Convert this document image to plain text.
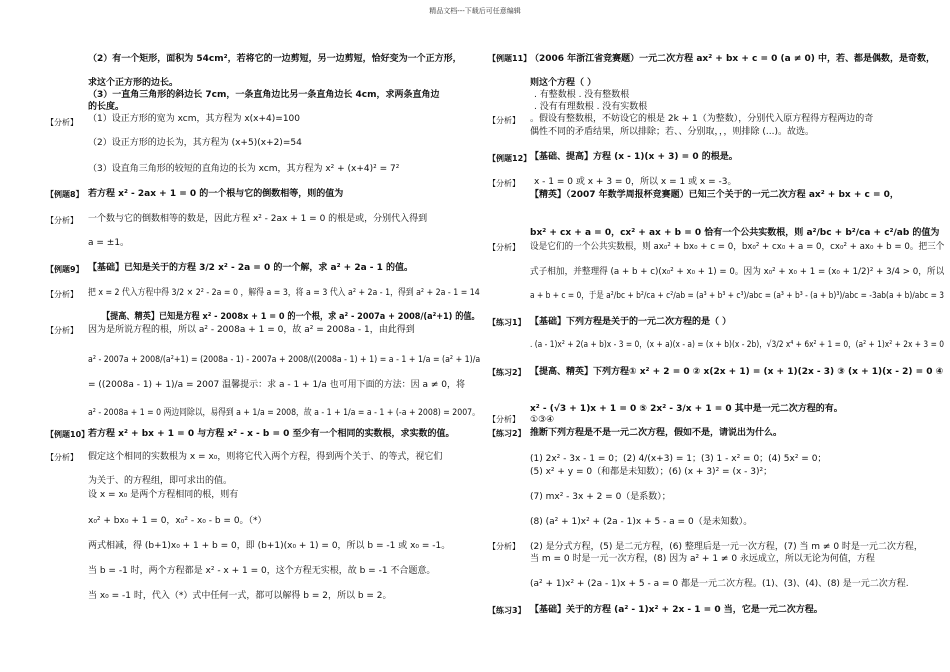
精品文档---下载后可任意编辑
（2）有一个矩形，面积为 54cm²，若将它的一边剪短，另一边剪短，恰好变为一个正方形，
求这个正方形的边长。
（3）一直角三角形的斜边长 7cm，一条直角边比另一条直角边长 4cm，求两条直角边
的长度。
（1）设正方形的宽为 xcm，其方程为 x(x+4)=100
（2）设正方形的边长为，其方程为 (x+5)(x+2)=54
（3）设直角三角形的较短的直角边的长为 xcm，其方程为 x² + (x+4)² = 7²
若方程 x² - 2ax + 1 = 0 的一个根与它的倒数相等，则的值为
一个数与它的倒数相等的数是，因此方程 x² - 2ax + 1 = 0 的根是或，分别代入得到
a = ±1。
【基础】已知是关于的方程 3/2 x² - 2a = 0 的一个解，求 a² + 2a - 1 的值。
把 x = 2 代入方程中得 3/2 × 2² - 2a = 0 ，解得 a = 3，将 a = 3 代入 a² + 2a - 1，得到 a² + 2a - 1 = 14
【提高、精英】已知是方程 x² - 2008x + 1 = 0 的一个根，求 a² - 2007a + 2008/(a²+1) 的值。
因为是所说方程的根，所以 a² - 2008a + 1 = 0，故 a² = 2008a - 1，由此得到
a² - 2007a + 2008/(a²+1) = (2008a - 1) - 2007a + 2008/((2008a - 1) + 1) = a - 1 + 1/a = (a² + 1)/a
= ((2008a - 1) + 1)/a = 2007 温馨提示：求 a - 1 + 1/a 也可用下面的方法：因 a ≠ 0，将
a² - 2008a + 1 = 0 两边同除以，易得到 a + 1/a = 2008，故 a - 1 + 1/a = a - 1 + (-a + 2008) = 2007。
若方程 x² + bx + 1 = 0 与方程 x² - x - b = 0 至少有一个相同的实数根，求实数的值。
假定这个相同的实数根为 x = x₀，则将它代入两个方程，得到两个关于、的等式，视它们
为关于、的方程组，即可求出的值。
设 x = x₀ 是两个方程相同的根，则有
x₀² + bx₀ + 1 = 0，x₀² - x₀ - b = 0。（*）
两式相减，得 (b+1)x₀ + 1 + b = 0，即 (b+1)(x₀ + 1) = 0，所以 b = -1 或 x₀ = -1。
当 b = -1 时，两个方程都是 x² - x + 1 = 0，这个方程无实根，故 b = -1 不合题意。
当 x₀ = -1 时，代入（*）式中任何一式，都可以解得 b = 2，所以 b = 2。
【分析】
【例题8】
【分析】
【例题9】
【分析】
【分析】
【例题10】
【分析】
（2006 年浙江省竞赛题）一元二次方程 ax² + bx + c = 0 (a ≠ 0) 中，若、都是偶数，是奇数，
则这个方程（ ）
. 有整数根 . 没有整数根
. 没有有理数根 . 没有实数根
。假设有整数根，不妨设它的根是 2k + 1（为整数），分别代入原方程得方程两边的奇
偶性不同的矛盾结果，所以排除；若、、分别取，，，则排除 (...)。故选。
【基础、提高】方程 (x - 1)(x + 3) = 0 的根是。
x - 1 = 0 或 x + 3 = 0，所以 x = 1 或 x = -3。
【精英】（2007 年数学周报杯竞赛题）已知三个关于的一元二次方程 ax² + bx + c = 0，
bx² + cx + a = 0，cx² + ax + b = 0 恰有一个公共实数根，则 a²/bc + b²/ca + c²/ab 的值为
设是它们的一个公共实数根，则 ax₀² + bx₀ + c = 0，bx₀² + cx₀ + a = 0，cx₀² + ax₀ + b = 0。把三个
式子相加，并整理得 (a + b + c)(x₀² + x₀ + 1) = 0。因为 x₀² + x₀ + 1 = (x₀ + 1/2)² + 3/4 > 0，所以
a + b + c = 0，于是 a²/bc + b²/ca + c²/ab = (a³ + b³ + c³)/abc = (a³ + b³ - (a + b)³)/abc = -3ab(a + b)/abc = 3
【基础】下列方程是关于的一元二次方程的是（ ）
. (a - 1)x² + 2(a + b)x - 3 = 0，(x + a)(x - a) = (x + b)(x - 2b)，√3/2 x⁴ + 6x² + 1 = 0，(a² + 1)x² + 2x + 3 = 0
【提高、精英】下列方程① x² + 2 = 0 ② x(2x + 1) = (x + 1)(2x - 3) ③ (x + 1)(x - 2) = 0 ④
x² - (√3 + 1)x + 1 = 0 ⑤ 2x² - 3/x + 1 = 0 其中是一元二次方程的有。
①③④
推断下列方程是不是一元二次方程，假如不是，请说出为什么。
(1) 2x² - 3x - 1 = 0；(2) 4/(x+3) = 1；(3) 1 - x² = 0；(4) 5x² = 0；
(5) x² + y = 0（和都是未知数）；(6) (x + 3)² = (x - 3)²；
(7) mx² - 3x + 2 = 0（是系数）；
(8) (a² + 1)x² + (2a - 1)x + 5 - a = 0（是未知数）。
(2) 是分式方程，(5) 是二元方程，(6) 整理后是一元一次方程，(7) 当 m ≠ 0 时是一元二次方程，
当 m = 0 时是一元一次方程，(8) 因为 a² + 1 ≠ 0 永远成立，所以无论为何值，方程
(a² + 1)x² + (2a - 1)x + 5 - a = 0 都是一元二次方程。(1)、(3)、(4)、(8) 是一元二次方程.
【基础】关于的方程 (a² - 1)x² + 2x - 1 = 0 当，它是一元二次方程。
【例题11】
【分析】
【例题12】
【分析】
【分析】
【练习1】
【练习2】
【分析】
【练习2】
【分析】
【练习3】
